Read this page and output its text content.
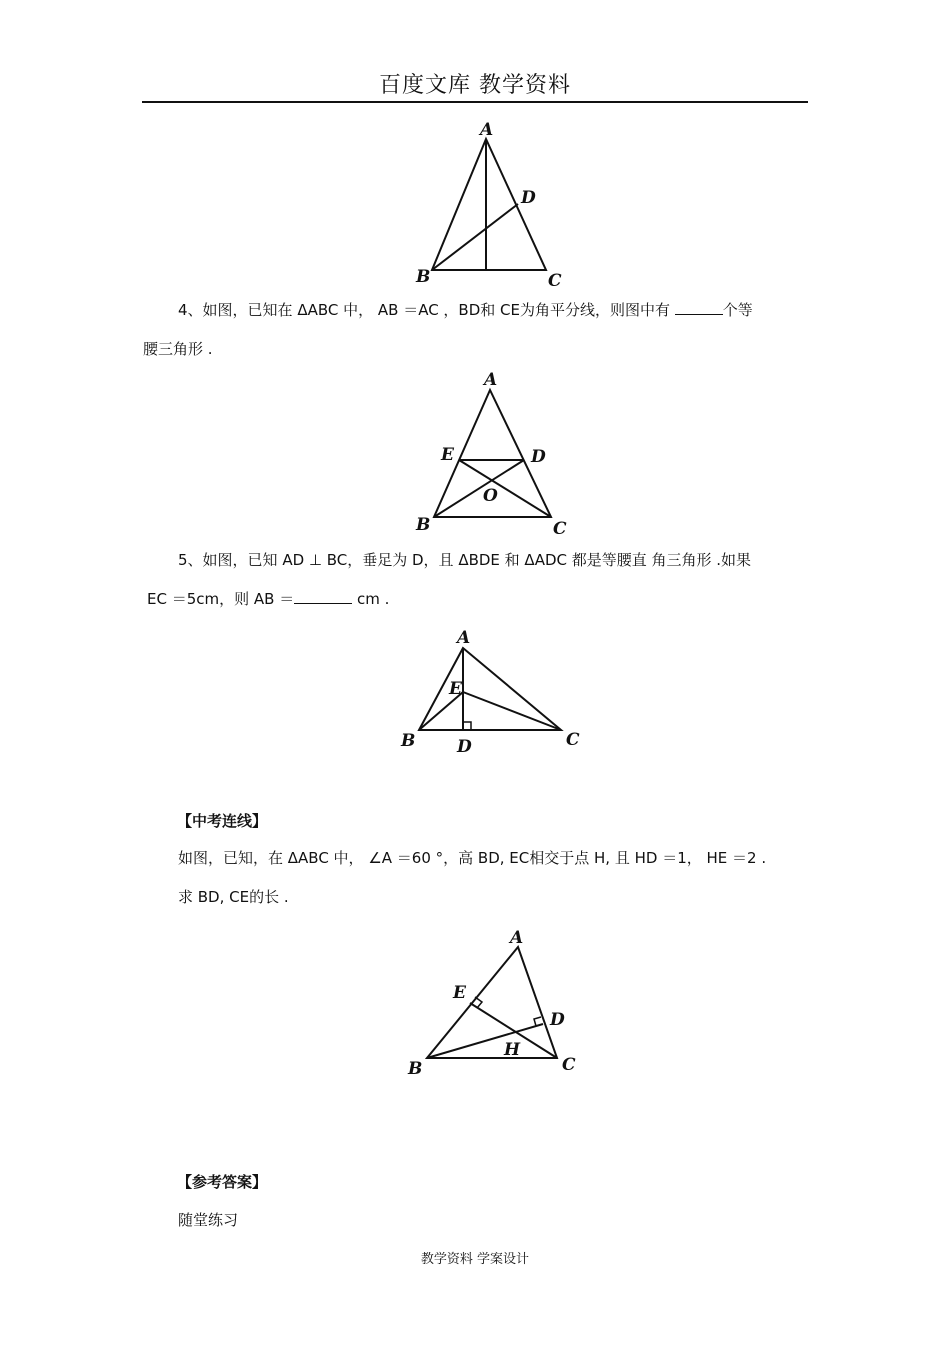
百度文库 教学资料
A
B	C
D
4、如图，已知在 ΔABC 中， AB ＝AC ，BD和 CE为角平分线，则图中有	个等
腰三角形 .
A
B	C
D
E
O
5、如图，已知 AD ⊥ BC，垂足为 D，且 ΔBDE 和 ΔADC 都是等腰直 角三角形 .如果
EC ＝5cm，则 AB ＝	cm .
A
B	C
D
E
【中考连线】
如图，已知，在 ΔABC 中， ∠A ＝60 °，高 BD, EC相交于点 H, 且 HD ＝1， HE ＝2 .
求 BD, CE的长 .
A
B	C
D
E
H
【参考答案】
随堂练习
教学资料 学案设计
